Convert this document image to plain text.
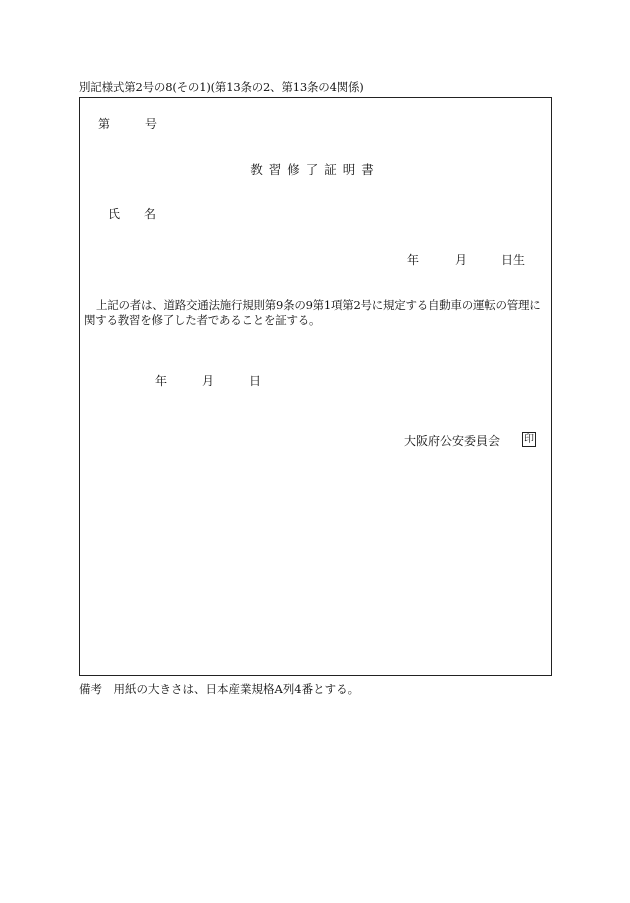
別記様式第2号の8(その1)(第13条の2、第13条の4関係)
第	号
教習修了証明書
氏 名
年	月	日生
上記の者は、道路交通法施行規則第9条の9第1項第2号に規定する自動車の運転の管理に
関する教習を修了した者であることを証する。
年	月	日
大阪府公安委員会 印
備考　用紙の大きさは、日本産業規格A列4番とする。
